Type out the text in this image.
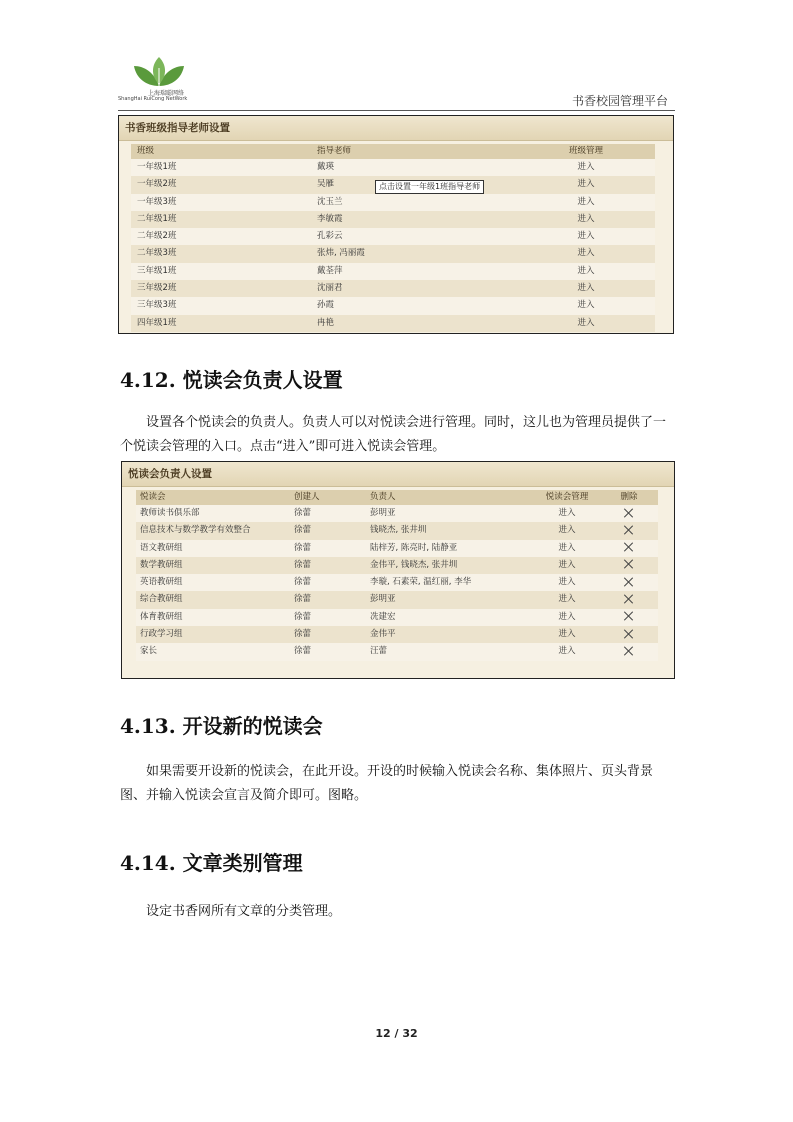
上海瑞聪网络
ShangHai RuiCong NetWork	书香校园管理平台
书香班级指导老师设置
班级	指导老师	班级管理
一年级1班	戴瑛	进入
一年级2班	吴雁	进入
一年级3班	沈玉兰	进入
二年级1班	李敏霞	进入
二年级2班	孔彩云	进入
二年级3班	张炜, 冯丽霞	进入
三年级1班	戴荃萍	进入
三年级2班	沈丽君	进入
三年级3班	孙霞	进入
四年级1班	冉艳	进入
点击设置一年级1班指导老师
4.12. 悦读会负责人设置
设置各个悦读会的负责人。负责人可以对悦读会进行管理。同时，这儿也为管理员提供了一个悦读会管理的入口。点击“进入”即可进入悦读会管理。
悦读会负责人设置
悦读会	创建人	负责人	悦读会管理	删除
教师读书俱乐部	徐蕾	彭明亚	进入
信息技术与数学教学有效整合	徐蕾	钱晓杰, 张井圳	进入
语文教研组	徐蕾	陆梓芳, 陈亮时, 陆静亚	进入
数学教研组	徐蕾	金伟平, 钱晓杰, 张井圳	进入
英语教研组	徐蕾	李璇, 石素荣, 温红丽, 李华	进入
综合教研组	徐蕾	彭明亚	进入
体育教研组	徐蕾	冼建宏	进入
行政学习组	徐蕾	金伟平	进入
家长	徐蕾	汪蕾	进入
4.13. 开设新的悦读会
如果需要开设新的悦读会，在此开设。开设的时候输入悦读会名称、集体照片、页头背景图、并输入悦读会宣言及简介即可。图略。
4.14. 文章类别管理
设定书香网所有文章的分类管理。
12 / 32
